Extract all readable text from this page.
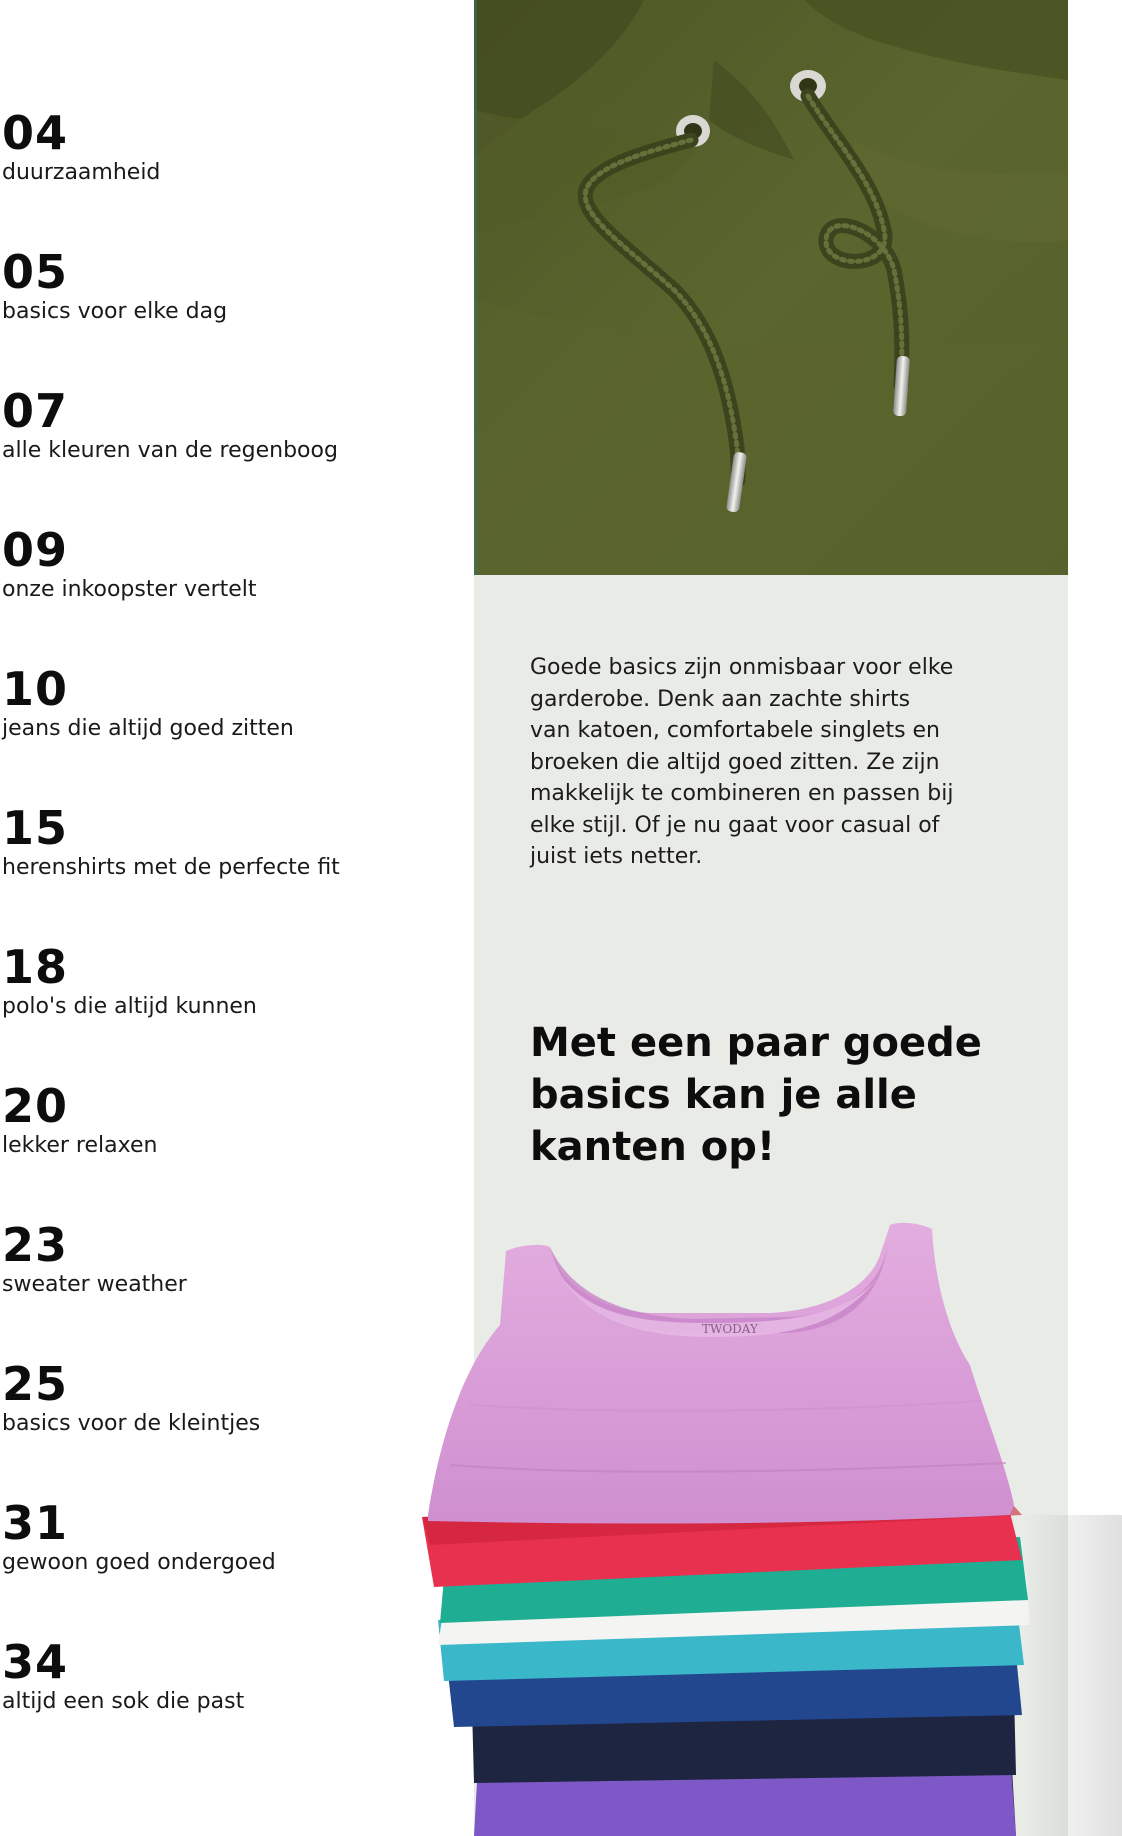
04
duurzaamheid
05
basics voor elke dag
07
alle kleuren van de regenboog
09
onze inkoopster vertelt
10
jeans die altijd goed zitten
15
herenshirts met de perfecte fit
18
polo's die altijd kunnen
20
lekker relaxen
23
sweater weather
25
basics voor de kleintjes
31
gewoon goed ondergoed
34
altijd een sok die past
Goede basics zijn onmisbaar voor elke
garderobe. Denk aan zachte shirts
van katoen, comfortabele singlets en
broeken die altijd goed zitten. Ze zijn
makkelijk te combineren en passen bij
elke stijl. Of je nu gaat voor casual of
juist iets netter.
Met een paar goede
basics kan je alle
kanten op!
TWODAY
